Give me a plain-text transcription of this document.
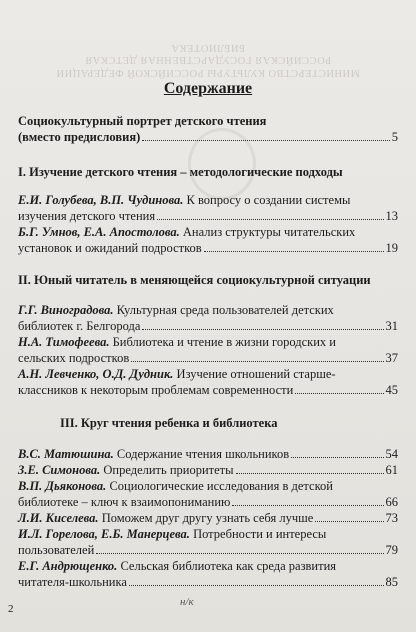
МИНИСТЕРСТВО КУЛЬТУРЫ РОССИЙСКОЙ ФЕДЕРАЦИИ
РОССИЙСКАЯ ГОСУДАРСТВЕННАЯ ДЕТСКАЯ
БИБЛИОТЕКА
Содержание
Социокультурный портрет детского чтения
(вместо предисловия)	5
I. Изучение детского чтения – методологические подходы
Е.И. Голубева, В.П. Чудинова. К вопросу о создании системы
изучения детского чтения	13
Б.Г. Умнов, Е.А. Апостолова. Анализ структуры читательских
установок и ожиданий подростков	19
II. Юный читатель в меняющейся социокультурной ситуации
Г.Г. Виноградова. Культурная среда пользователей детских
библиотек г. Белгорода	31
Н.А. Тимофеева. Библиотека и чтение в жизни городских и
сельских подростков	37
А.Н. Левченко, О.Д. Дудник. Изучение отношений старше-
классников к некоторым проблемам современности	45
III. Круг чтения ребенка и библиотека
В.С. Матюшина. Содержание чтения школьников	54
З.Е. Симонова. Определить приоритеты	61
В.П. Дьяконова. Социологические исследования в детской
библиотеке – ключ к взаимопониманию	66
Л.И. Киселева. Поможем друг другу узнать себя лучше	73
И.Л. Горелова, Е.Б. Манерцева. Потребности и интересы
пользователей	79
Е.Г. Андрющенко. Сельская библиотека как среда развития
читателя-школьника	85
н/к
2
